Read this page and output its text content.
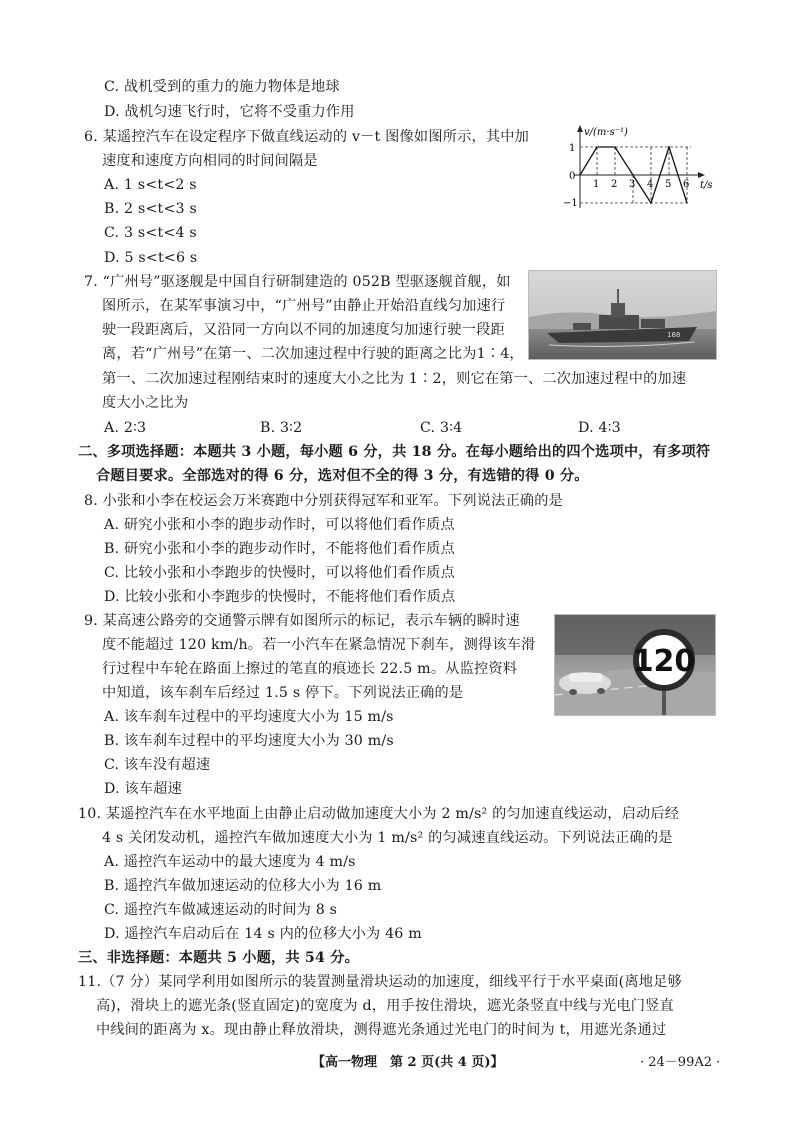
C. 战机受到的重力的施力物体是地球
D. 战机匀速飞行时，它将不受重力作用
6. 某遥控汽车在设定程序下做直线运动的 v－t 图像如图所示，其中加
速度和速度方向相同的时间间隔是
A. 1 s<t<2 s
B. 2 s<t<3 s
C. 3 s<t<4 s
D. 5 s<t<6 s
v/(m·s⁻¹)
t/s
1
0
−1
1 2 3 4 5 6
7. “广州号”驱逐舰是中国自行研制建造的 052B 型驱逐舰首舰，如
图所示，在某军事演习中，“广州号”由静止开始沿直线匀加速行
驶一段距离后，又沿同一方向以不同的加速度匀加速行驶一段距
离，若“广州号”在第一、二次加速过程中行驶的距离之比为1∶4，
第一、二次加速过程刚结束时的速度大小之比为 1∶2，则它在第一、二次加速过程中的加速
度大小之比为
A. 2∶3	B. 3∶2	C. 3∶4	D. 4∶3
168
二、多项选择题：本题共 3 小题，每小题 6 分，共 18 分。在每小题给出的四个选项中，有多项符
合题目要求。全部选对的得 6 分，选对但不全的得 3 分，有选错的得 0 分。
8. 小张和小李在校运会万米赛跑中分别获得冠军和亚军。下列说法正确的是
A. 研究小张和小李的跑步动作时，可以将他们看作质点
B. 研究小张和小李的跑步动作时，不能将他们看作质点
C. 比较小张和小李跑步的快慢时，可以将他们看作质点
D. 比较小张和小李跑步的快慢时，不能将他们看作质点
9. 某高速公路旁的交通警示牌有如图所示的标记，表示车辆的瞬时速
度不能超过 120 km/h。若一小汽车在紧急情况下刹车，测得该车滑
行过程中车轮在路面上擦过的笔直的痕迹长 22.5 m。从监控资料
中知道，该车刹车后经过 1.5 s 停下。下列说法正确的是
A. 该车刹车过程中的平均速度大小为 15 m/s
B. 该车刹车过程中的平均速度大小为 30 m/s
C. 该车没有超速
D. 该车超速
120
10. 某遥控汽车在水平地面上由静止启动做加速度大小为 2 m/s² 的匀加速直线运动，启动后经
4 s 关闭发动机，遥控汽车做加速度大小为 1 m/s² 的匀减速直线运动。下列说法正确的是
A. 遥控汽车运动中的最大速度为 4 m/s
B. 遥控汽车做加速运动的位移大小为 16 m
C. 遥控汽车做减速运动的时间为 8 s
D. 遥控汽车启动后在 14 s 内的位移大小为 46 m
三、非选择题：本题共 5 小题，共 54 分。
11.（7 分）某同学利用如图所示的装置测量滑块运动的加速度，细线平行于水平桌面(离地足够
高)，滑块上的遮光条(竖直固定)的宽度为 d，用手按住滑块，遮光条竖直中线与光电门竖直
中线间的距离为 x。现由静止释放滑块，测得遮光条通过光电门的时间为 t，用遮光条通过
【高一物理　第 2 页(共 4 页)】	· 24－99A2 ·
